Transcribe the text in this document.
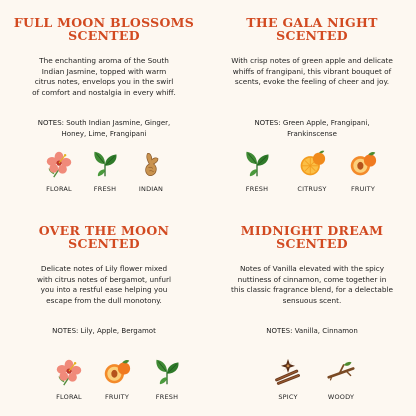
FULL MOON BLOSSOMS
SCENTED
The enchanting aroma of the South
Indian Jasmine, topped with warm
citrus notes, envelops you in the swirl
of comfort and nostalgia in every whiff.
NOTES: South Indian Jasmine, Ginger,
Honey, Lime, Frangipani
FLORAL	FRESH	INDIAN
THE GALA NIGHT
SCENTED
With crisp notes of green apple and delicate
whiffs of frangipani, this vibrant bouquet of
scents, evoke the feeling of cheer and joy.
NOTES: Green Apple, Frangipani,
Frankinscense
FRESH	CITRUSY	FRUITY
OVER THE MOON
SCENTED
Delicate notes of Lily flower mixed
with citrus notes of bergamot, unfurl
you into a restful ease helping you
escape from the dull monotony.
NOTES: Lily, Apple, Bergamot
FLORAL	FRUITY	FRESH
MIDNIGHT DREAM
SCENTED
Notes of Vanilla elevated with the spicy
nuttiness of cinnamon, come together in
this classic fragrance blend, for a delectable
sensuous scent.
NOTES: Vanilla, Cinnamon
SPICY	WOODY
